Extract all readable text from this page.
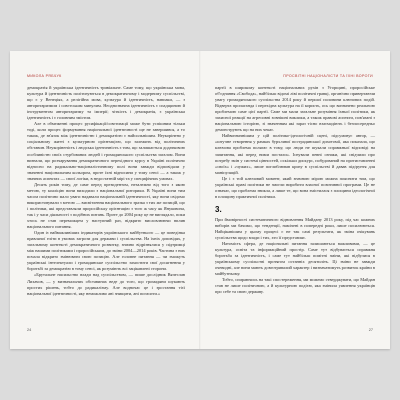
МИКОЛА РЯБЧУК

демократія й українська ідентичність тривіальне. Саме тому, що українська мова, культура й ідентичність політизуються в демократичному і модерному суспільстві, що є у Венеціях, а релігійна мова, культура й ідентичність, навпаки, — з авторитаризмом і совєтським минулим. Неоднозначна ідентичність є спадщиною й інструментом авторитаризму та імперії; чіткість і демократія, є українська ідентичність і є головним змістом.

Але в обмеженні процес русифікації/совєтизації може бути успішним тільки тоді, коли процес формування національної ідентичності ще не завершився, а то також, де зв'язок між ідентичністю і демократією є найсильнішим. Неукорінено у соціальному житті з культурною орієнтацією, що залежить від політичних обставин. Неукоріненість і людська ідентичність є тим, що залишається додатковою особливістю своїх стурбованих людей і громадянського суспільства загалом. Вони визнали, що розчарування демократичного перехідного курсу в Україні політично відносно на радикально-націоналістичному полі вони завжди відповідали у значенні національним кольором, проте їхні відносини у тому сенсі — а також у значних аспектах — своєї логіки, в недостатній мірі та у специфічних умовах.

Десять років тому, де саме перед президентом, незалежно від того з якою метою, ту коаліцію вони виходили з національної риторики. В Україні вони тим часом політично мало уваги надавали національній ідентичності, яку вони свідомо використовували з метою — висвітлення національного зразка з тих же позицій, що і політики, які представляли проросійську орієнтацію з того ж часу як Януковича, так і у часи діяльності з подібних питань. Проте до 2004 року це не виглядало, поки хтось не став переможцем у наступний раз, відкрито висловлюючи вплив національного питання.

Один із найважливіших індикаторів українського майбутнього — це поведінка правлячої еліти в умовах загрози для держави і суспільства. На їхніх доповідях, у загальному контексті демократичного розвитку, значно відрізнялися у підтримці між нашими політиками і проросійським, до зміни 2004—2014 років. Частина з них почала відкрито змінювати свою позицію. Але головне питання — чи зможуть українські інтелектуали і громадянське суспільство захистити свої досягнення у боротьбі за демократію в тому сенсі, як розуміють всі зацікавлені сторони.

«Брутальне насильство влади над суспільством, — пише дослідник Вячеслав Лихачов, — у визначальних обставинах веде до того, що громадяни шукають простих рішень, тобто до радикалізму. Але водночас це і зростання тієї національної ідентичності, яку неможливо ані знищити, ані погасити.»

24
ПРОСВІТНІ НАЦІОНАЛІСТИ ТА ЇХНІ ВОРОГИ

партії в широкому контексті національних рухів з Угорщині, проросійське об'єднання «Свобода», найбільш відомі ліві політичні гравці, органічно привертаючи увагу громадянського суспільства 2014 року й першої половини ключових подій. Відверта пропаганда і перехідна культура на її користь, ось що визначено реальною проблемою саме цієї партії. Саме ми мали загальне розуміння їхньої політики, як захисної реакції на агресивні зовнішні виклики, а також правові аспекти, пов'язані з національною історією, зі значенням які зараз тісно взаємодіють і безпосередньо демонструють що на них чекає.

Найвизначнішим у цій політико-ідеологічній сцені, підсумовує автор, — «штучне створення у рамках бурхливої пострадянської дихотомії, яка показала, що ключова проблема полягає в тому, що люди не шукали справжньої відповіді на запитання, які перед ними постали». Існували певні ознаки, які свідчили про потребу змін у системі цінностей, оскільки дискурс, побудований на протиставленні «своїх» і «чужих», лише поглиблював кризу в суспільстві й давав підґрунтя для маніпуляцій.

Це і є той ключовий момент, який значною мірою можна пояснити тим, що українські праві політики не змогли виробити власної позитивної програми. Це не означає, що проблема зникла, а лише те, що вона змістилася з площини ідеологічної в площину практичної політики.

3.

При ймовірності систематичного відновлення Майдану 2013 року, під час кожних виборів ми бачимо, що тенденції, намічені в попередні роки, лише посилюються. Найцікавішим у цьому процесі є не так самі результати, як зміна очікувань суспільства щодо влади і тих, хто її представляє.

Натомість сфера, де національні питання залишаються важливими, — це культура, освіта та інформаційний простір. Саме тут відбувається справжня боротьба за ідентичність, і саме тут найбільш помітні зміни, які відбулися в українському суспільстві протягом останніх десятиліть. Ці зміни не завжди очевидні, але вони мають довготривалий характер і визначатимуть розвиток країни в майбутньому.

Тобто, спираючись на такі спостереження, ми можемо стверджувати, що Майдан став не лише політичною, а й культурною подією, яка змінила уявлення українців про себе та свою державу.

27
